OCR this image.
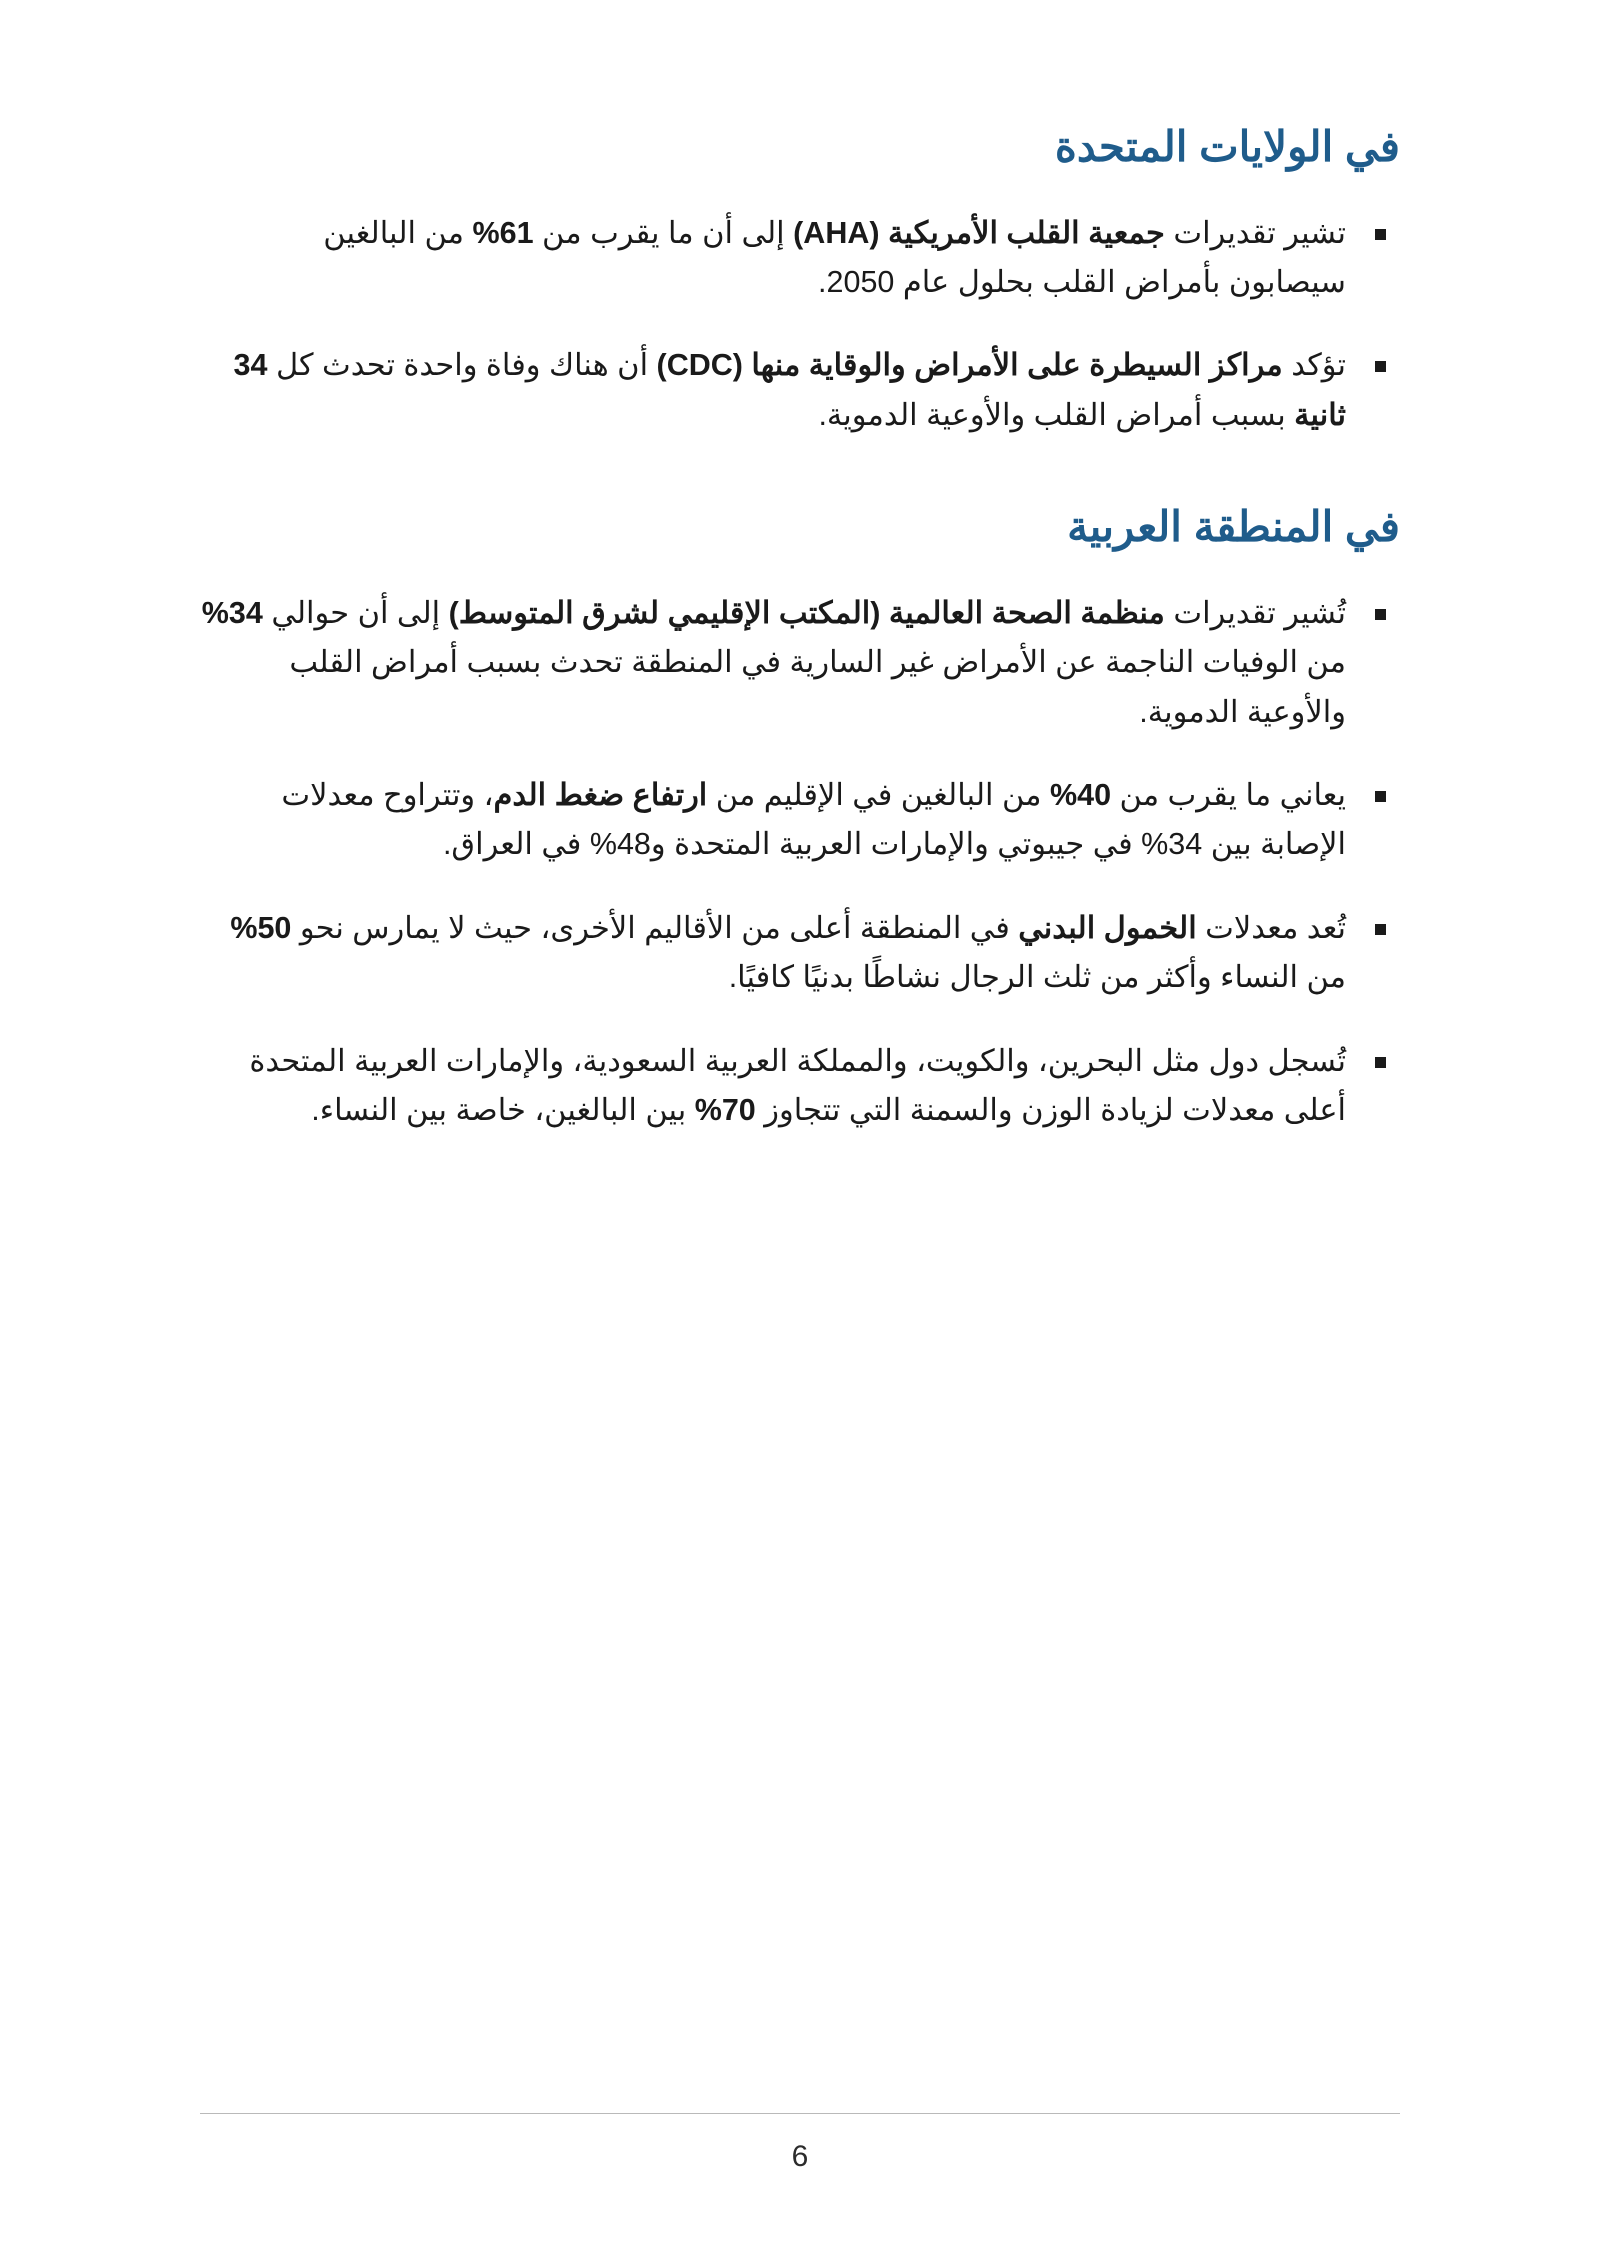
في الولايات المتحدة
تشير تقديرات جمعية القلب الأمريكية (AHA) إلى أن ما يقرب من 61% من البالغين سيصابون بأمراض القلب بحلول عام 2050.
تؤكد مراكز السيطرة على الأمراض والوقاية منها (CDC) أن هناك وفاة واحدة تحدث كل 34 ثانية بسبب أمراض القلب والأوعية الدموية.
في المنطقة العربية
تُشير تقديرات منظمة الصحة العالمية (المكتب الإقليمي لشرق المتوسط) إلى أن حوالي 34% من الوفيات الناجمة عن الأمراض غير السارية في المنطقة تحدث بسبب أمراض القلب والأوعية الدموية.
يعاني ما يقرب من 40% من البالغين في الإقليم من ارتفاع ضغط الدم، وتتراوح معدلات الإصابة بين 34% في جيبوتي والإمارات العربية المتحدة و48% في العراق.
تُعد معدلات الخمول البدني في المنطقة أعلى من الأقاليم الأخرى، حيث لا يمارس نحو 50% من النساء وأكثر من ثلث الرجال نشاطًا بدنيًا كافيًا.
تُسجل دول مثل البحرين، والكويت، والمملكة العربية السعودية، والإمارات العربية المتحدة أعلى معدلات لزيادة الوزن والسمنة التي تتجاوز 70% بين البالغين، خاصة بين النساء.
6
